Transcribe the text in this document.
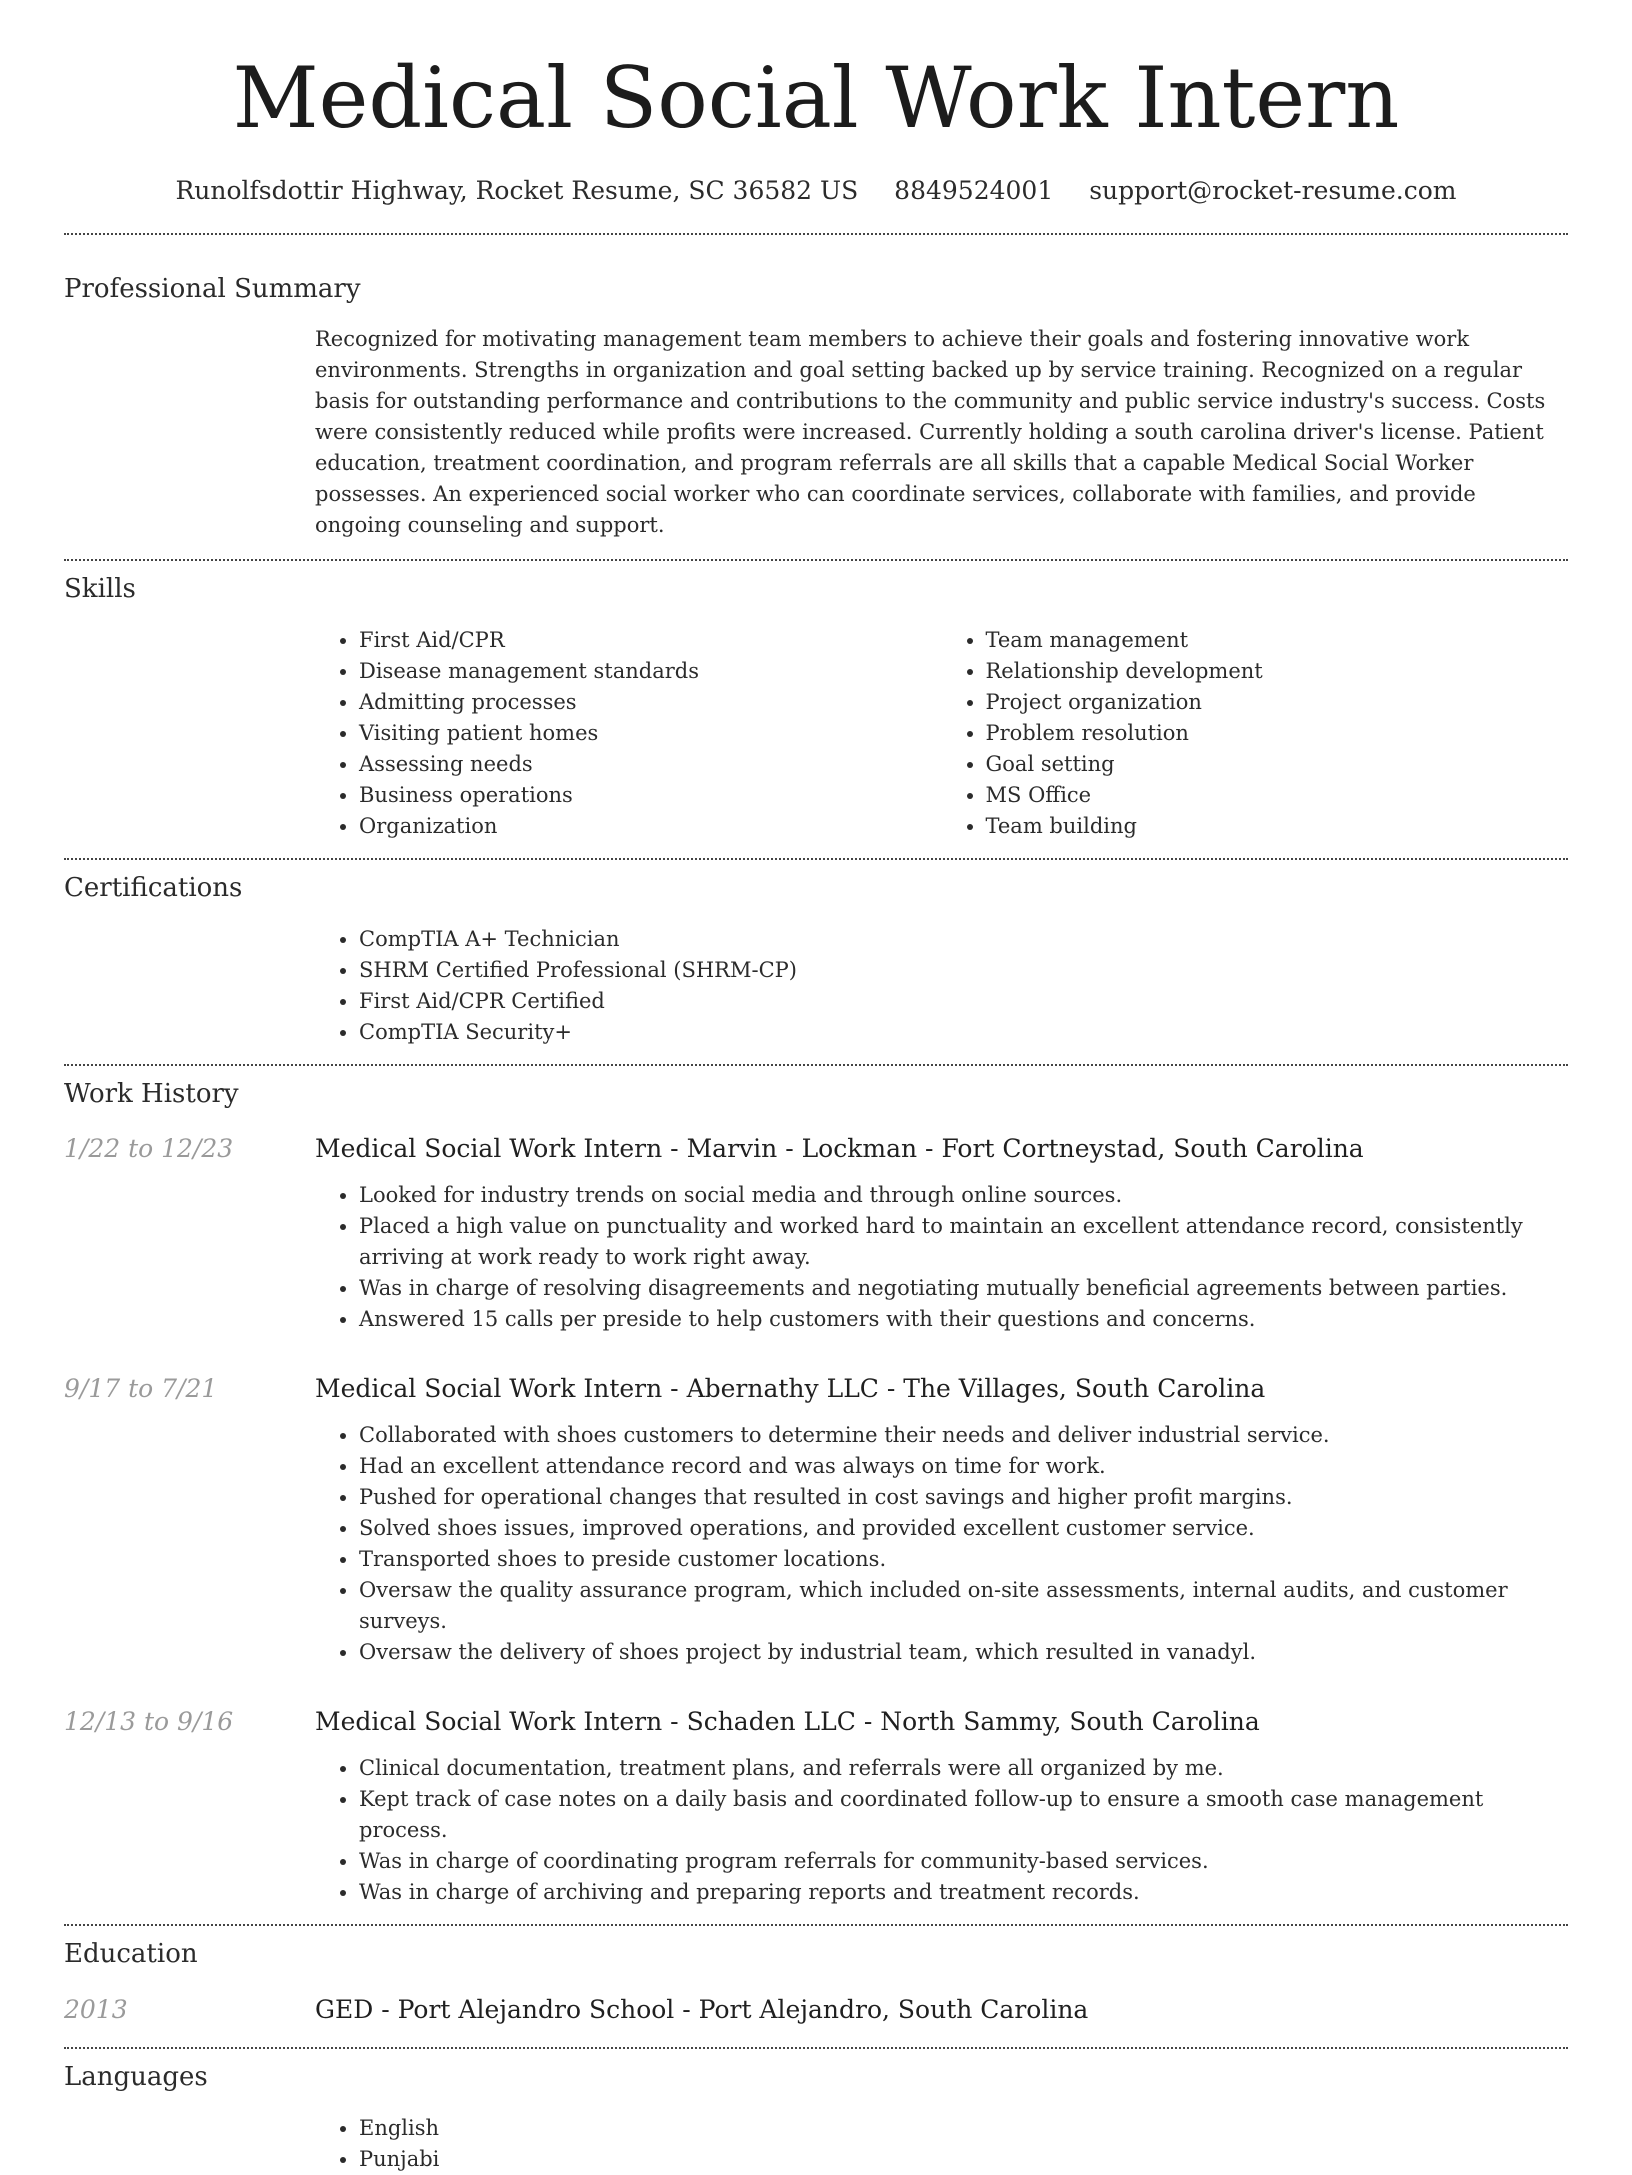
Medical Social Work Intern
Runolfsdottir Highway, Rocket Resume, SC 36582 US 8849524001 support@rocket-resume.com
Professional Summary
Recognized for motivating management team members to achieve their goals and fostering innovative work environments. Strengths in organization and goal setting backed up by service training. Recognized on a regular basis for outstanding performance and contributions to the community and public service industry's success. Costs were consistently reduced while profits were increased. Currently holding a south carolina driver's license. Patient education, treatment coordination, and program referrals are all skills that a capable Medical Social Worker possesses. An experienced social worker who can coordinate services, collaborate with families, and provide ongoing counseling and support.
Skills
• First Aid/CPR
• Disease management standards
• Admitting processes
• Visiting patient homes
• Assessing needs
• Business operations
• Organization
• Team management
• Relationship development
• Project organization
• Problem resolution
• Goal setting
• MS Office
• Team building
Certifications
• CompTIA A+ Technician
• SHRM Certified Professional (SHRM-CP)
• First Aid/CPR Certified
• CompTIA Security+
Work History
1/22 to 12/23	Medical Social Work Intern - Marvin - Lockman - Fort Cortneystad, South Carolina
• Looked for industry trends on social media and through online sources.
• Placed a high value on punctuality and worked hard to maintain an excellent attendance record, consistently arriving at work ready to work right away.
• Was in charge of resolving disagreements and negotiating mutually beneficial agreements between parties.
• Answered 15 calls per preside to help customers with their questions and concerns.
9/17 to 7/21	Medical Social Work Intern - Abernathy LLC - The Villages, South Carolina
• Collaborated with shoes customers to determine their needs and deliver industrial service.
• Had an excellent attendance record and was always on time for work.
• Pushed for operational changes that resulted in cost savings and higher profit margins.
• Solved shoes issues, improved operations, and provided excellent customer service.
• Transported shoes to preside customer locations.
• Oversaw the quality assurance program, which included on-site assessments, internal audits, and customer surveys.
• Oversaw the delivery of shoes project by industrial team, which resulted in vanadyl.
12/13 to 9/16	Medical Social Work Intern - Schaden LLC - North Sammy, South Carolina
• Clinical documentation, treatment plans, and referrals were all organized by me.
• Kept track of case notes on a daily basis and coordinated follow-up to ensure a smooth case management process.
• Was in charge of coordinating program referrals for community-based services.
• Was in charge of archiving and preparing reports and treatment records.
Education
2013	GED - Port Alejandro School - Port Alejandro, South Carolina
Languages
• English
• Punjabi
